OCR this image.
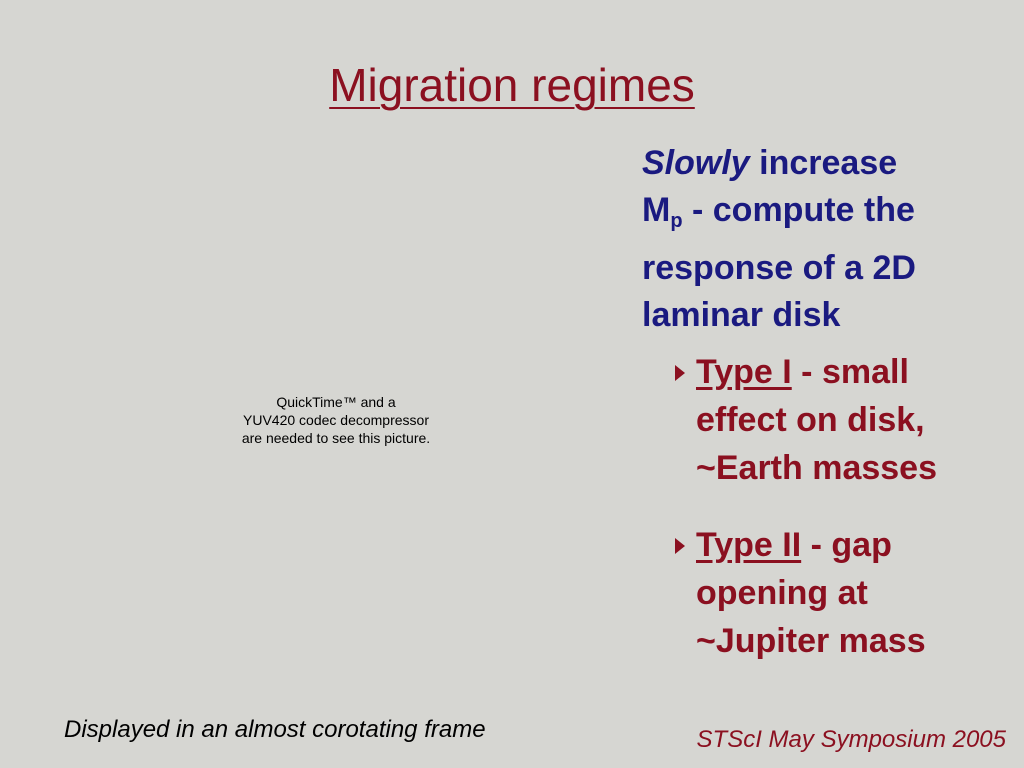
Migration regimes
QuickTime™ and a
YUV420 codec decompressor
are needed to see this picture.
Slowly increase
$M_p$ - compute the
response of a 2D
laminar disk
Type I - small
effect on disk,
~Earth masses
Type II - gap
opening at
~Jupiter mass
Displayed in an almost corotating frame	STScI May Symposium 2005
